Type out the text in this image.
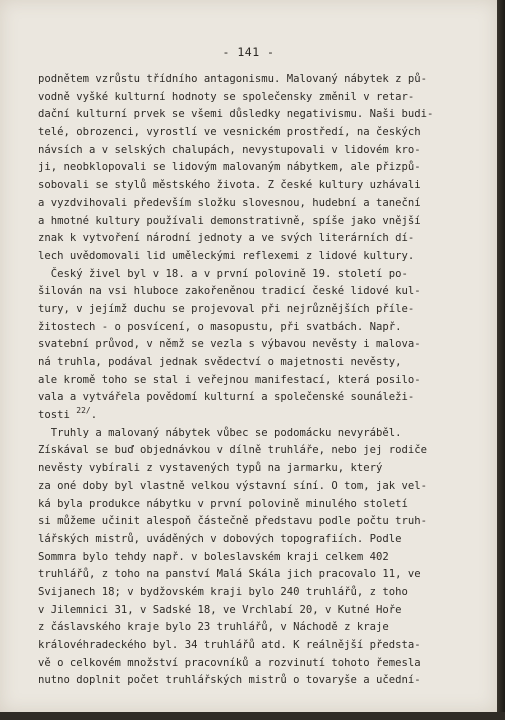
- 141 -
podnětem vzrůstu třídního antagonismu. Malovaný nábytek z pů-
vodně vyšké kulturní hodnoty se společensky změnil v retar-
dační kulturní prvek se všemi důsledky negativismu. Naši budi-
telé, obrozenci, vyrostlí ve vesnickém prostředí, na českých
návsích a v selských chalupách, nevystupovali v lidovém kro-
ji, neobklopovali se lidovým malovaným nábytkem, ale přizpů-
sobovali se stylů městského života. Z české kultury uzhávali
a vyzdvihovali především složku slovesnou, hudební a taneční
a hmotné kultury používali demonstrativně, spíše jako vnější
znak k vytvoření národní jednoty a ve svých literárních dí-
lech uvědomovali lid uměleckými reflexemi z lidové kultury.
Český živel byl v 18. a v první polovině 19. století po-
šilován na vsi hluboce zakořeněnou tradicí české lidové kul-
tury, v jejímž duchu se projevoval při nejrůznějších příle-
žitostech - o posvícení, o masopustu, při svatbách. Např.
svatební průvod, v němž se vezla s výbavou nevěsty i malova-
ná truhla, podával jednak svědectví o majetnosti nevěsty,
ale kromě toho se stal i veřejnou manifestací, která posilo-
vala a vytvářela povědomí kulturní a společenské sounáleži-
tosti $^{22/}$.
Truhly a malovaný nábytek vůbec se podomácku nevyráběl.
Získával se buď objednávkou v dílně truhláře, nebo jej rodiče
nevěsty vybírali z vystavených typů na jarmarku, který
za oné doby byl vlastně velkou výstavní síní. O tom, jak vel-
ká byla produkce nábytku v první polovině minulého století
si můžeme učinit alespoň částečně představu podle počtu truh-
lářských mistrů, uváděných v dobových topografiích. Podle
Sommra bylo tehdy např. v boleslavském kraji celkem 402
truhlářů, z toho na panství Malá Skála jich pracovalo 11, ve
Svijanech 18; v bydžovském kraji bylo 240 truhlářů, z toho
v Jilemnici 31, v Sadské 18, ve Vrchlabí 20, v Kutné Hoře
z čáslavského kraje bylo 23 truhlářů, v Náchodě z kraje
královéhradeckého byl. 34 truhlářů atd. K reálnější předsta-
vě o celkovém množství pracovníků a rozvinutí tohoto řemesla
nutno doplnit počet truhlářských mistrů o tovaryše a učední-
